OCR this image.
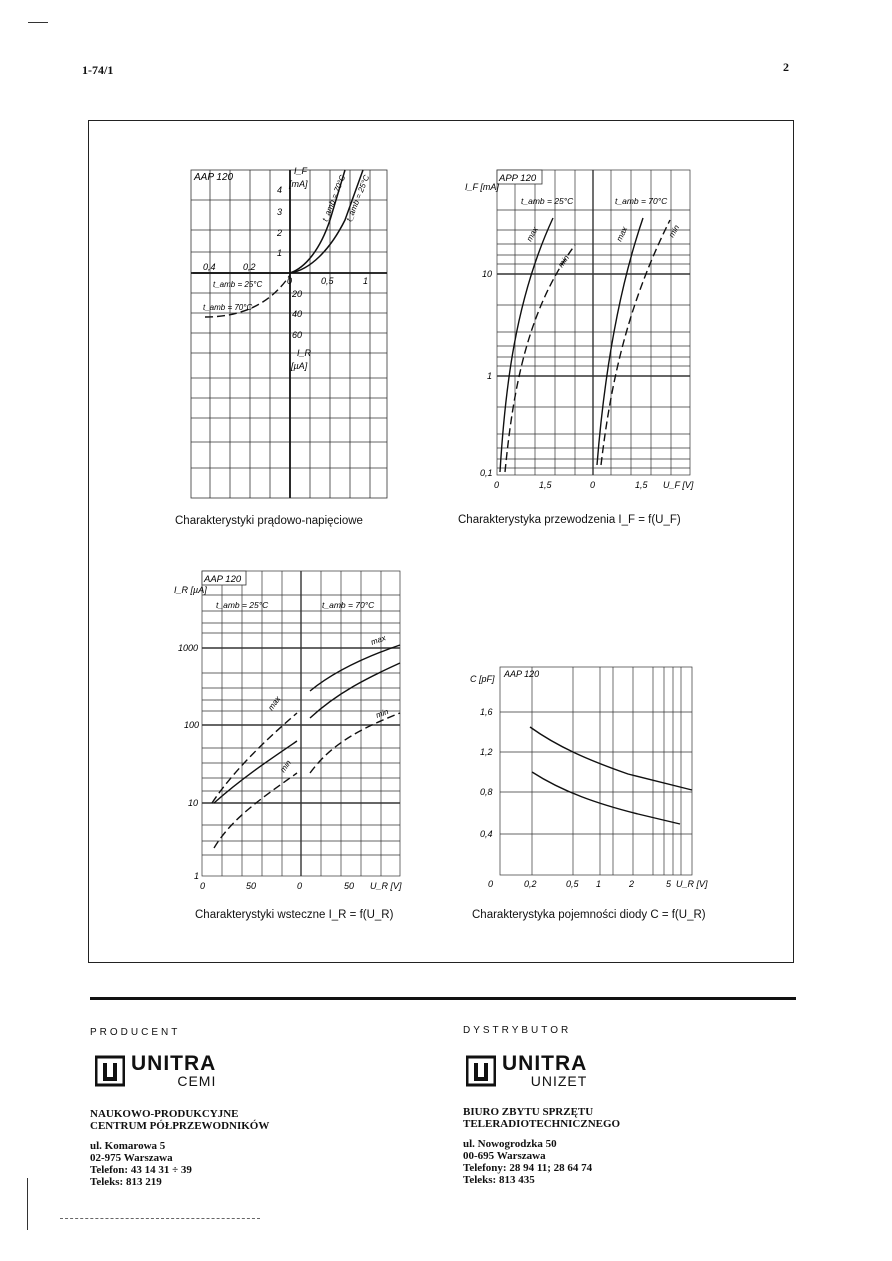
1-74/1	2
AAP 120
I_F
[mA]
4
3
2
1
0,4	0,2
0	0,5	1
20
40
60
I_R
[µA]
t_amb = 70°C
t_amb = 25°C
t_amb = 25°C
t_amb = 70°C
Charakterystyki prądowo-napięciowe
APP 120
I_F [mA]
t_amb = 25°C	t_amb = 70°C
10
1
0,1
0	1,5	0	1,5 U_F [V]
max
min
max	min
Charakterystyka przewodzenia I_F = f(U_F)
AAP 120
I_R [µA]
t_amb = 25°C	t_amb = 70°C
1000
100
10
1
0	50	0	50 U_R [V]
max
min
max
min
Charakterystyki wsteczne I_R = f(U_R)
AAP 120
C [pF]
1,6
1,2
0,8
0,4
0	0,2	0,5 1	2	5 U_R [V]
Charakterystyka pojemności diody C = f(U_R)
PRODUCENT
UNITRA
CEMI
NAUKOWO-PRODUKCYJNE
CENTRUM PÓŁPRZEWODNIKÓW
ul. Komarowa 5
02-975 Warszawa
Telefon: 43 14 31 ÷ 39
Teleks: 813 219
DYSTRYBUTOR
UNITRA
UNIZET
BIURO ZBYTU SPRZĘTU
TELERADIOTECHNICZNEGO
ul. Nowogrodzka 50
00-695 Warszawa
Telefony: 28 94 11; 28 64 74
Teleks: 813 435
